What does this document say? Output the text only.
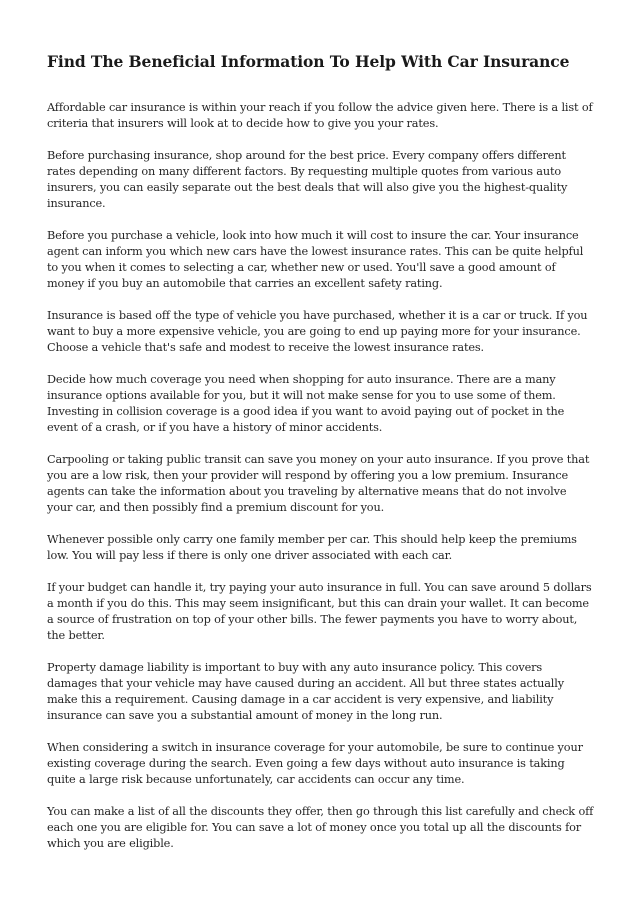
Find The Beneficial Information To Help With Car Insurance

Affordable car insurance is within your reach if you follow the advice given here. There is a list of criteria that insurers will look at to decide how to give you your rates.

Before purchasing insurance, shop around for the best price. Every company offers different rates depending on many different factors. By requesting multiple quotes from various auto insurers, you can easily separate out the best deals that will also give you the highest-quality insurance.

Before you purchase a vehicle, look into how much it will cost to insure the car. Your insurance agent can inform you which new cars have the lowest insurance rates. This can be quite helpful to you when it comes to selecting a car, whether new or used. You'll save a good amount of money if you buy an automobile that carries an excellent safety rating.

Insurance is based off the type of vehicle you have purchased, whether it is a car or truck. If you want to buy a more expensive vehicle, you are going to end up paying more for your insurance. Choose a vehicle that's safe and modest to receive the lowest insurance rates.

Decide how much coverage you need when shopping for auto insurance. There are a many insurance options available for you, but it will not make sense for you to use some of them. Investing in collision coverage is a good idea if you want to avoid paying out of pocket in the event of a crash, or if you have a history of minor accidents.

Carpooling or taking public transit can save you money on your auto insurance. If you prove that you are a low risk, then your provider will respond by offering you a low premium. Insurance agents can take the information about you traveling by alternative means that do not involve your car, and then possibly find a premium discount for you.

Whenever possible only carry one family member per car. This should help keep the premiums low. You will pay less if there is only one driver associated with each car.

If your budget can handle it, try paying your auto insurance in full. You can save around 5 dollars a month if you do this. This may seem insignificant, but this can drain your wallet. It can become a source of frustration on top of your other bills. The fewer payments you have to worry about, the better.

Property damage liability is important to buy with any auto insurance policy. This covers damages that your vehicle may have caused during an accident. All but three states actually make this a requirement. Causing damage in a car accident is very expensive, and liability insurance can save you a substantial amount of money in the long run.

When considering a switch in insurance coverage for your automobile, be sure to continue your existing coverage during the search. Even going a few days without auto insurance is taking quite a large risk because unfortunately, car accidents can occur any time.

You can make a list of all the discounts they offer, then go through this list carefully and check off each one you are eligible for. You can save a lot of money once you total up all the discounts for which you are eligible.
